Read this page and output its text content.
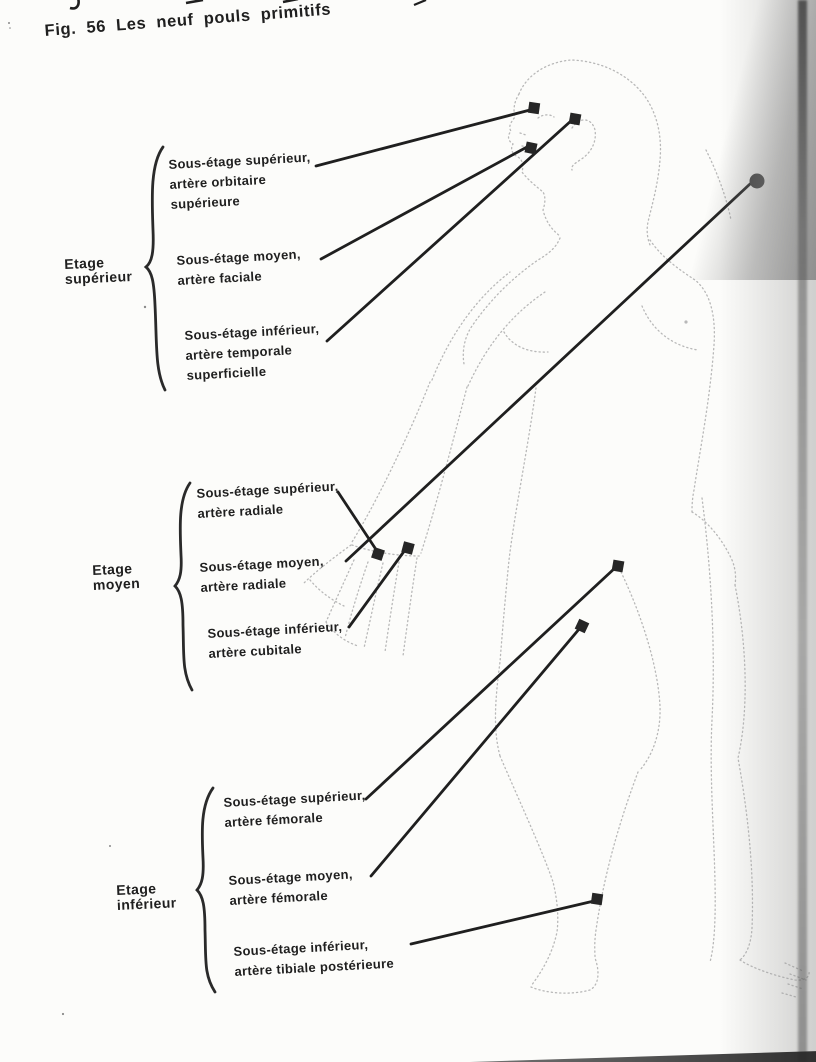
Fig. 56 Les neuf pouls primitifs
Etage supérieur
Sous-étage supérieur,
artère orbitaire
supérieure
Sous-étage moyen,
artère faciale
Sous-étage inférieur,
artère temporale
superficielle
Etage moyen
Sous-étage supérieur,
artère radiale
Sous-étage moyen,
artère radiale
Sous-étage inférieur,
artère cubitale
Etage inférieur
Sous-étage supérieur,
artère fémorale
Sous-étage moyen,
artère fémorale
Sous-étage inférieur,
artère tibiale postérieure
